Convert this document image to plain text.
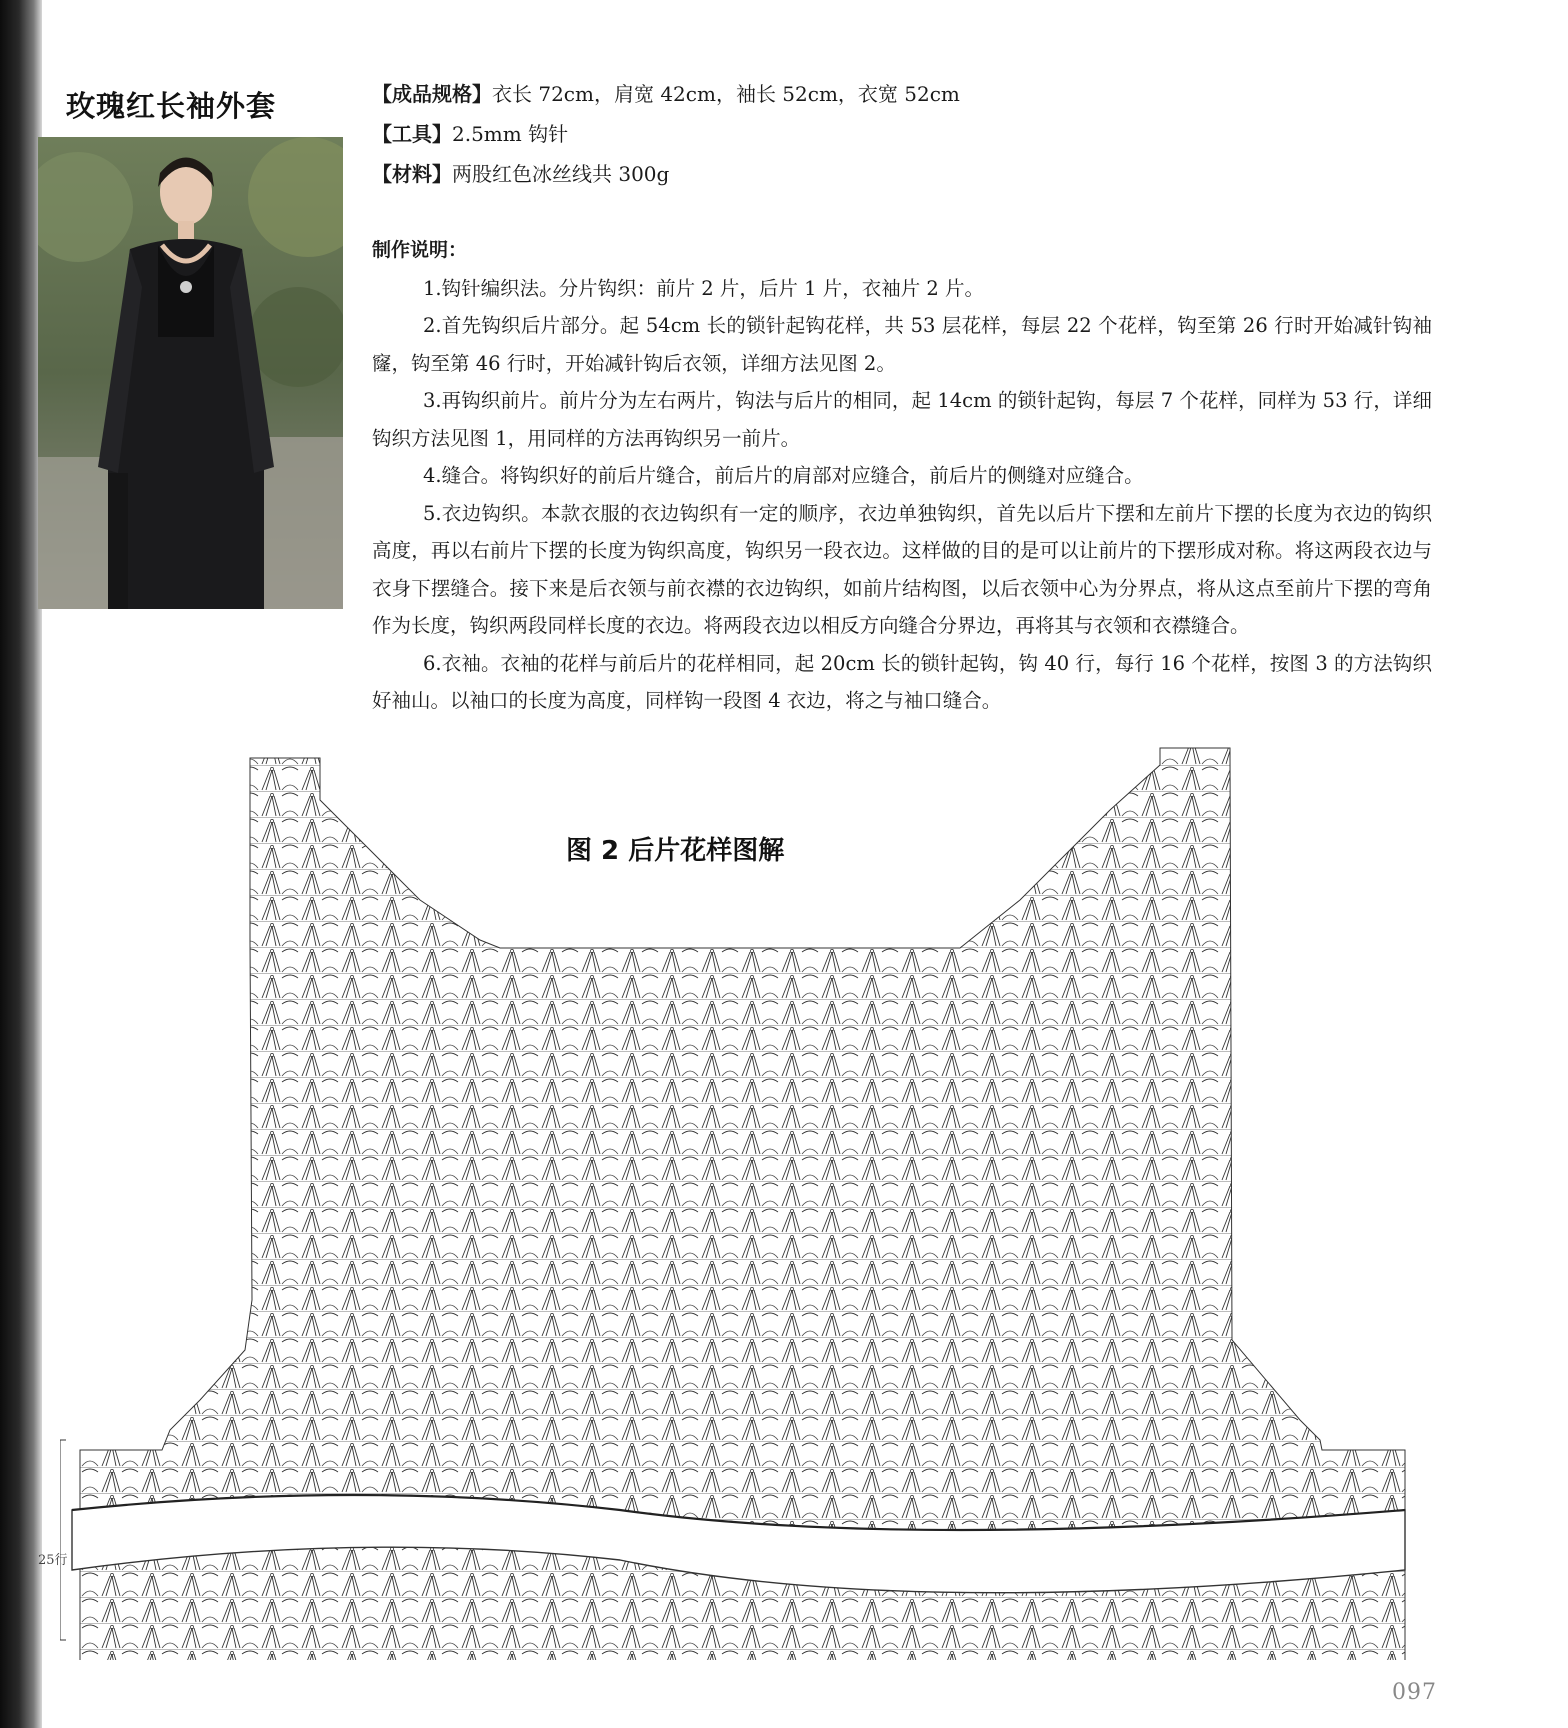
玫瑰红长袖外套	【成品规格】衣长 72cm，肩宽 42cm，袖长 52cm，衣宽 52cm
【工具】2.5mm 钩针
【材料】两股红色冰丝线共 300g
制作说明：

1.钩针编织法。分片钩织：前片 2 片，后片 1 片，衣袖片 2 片。

2.首先钩织后片部分。起 54cm 长的锁针起钩花样，共 53 层花样，每层 22 个花样，钩至第 26 行时开始减针钩袖窿，钩至第 46 行时，开始减针钩后衣领，详细方法见图 2。

3.再钩织前片。前片分为左右两片，钩法与后片的相同，起 14cm 的锁针起钩，每层 7 个花样，同样为 53 行，详细钩织方法见图 1，用同样的方法再钩织另一前片。

4.缝合。将钩织好的前后片缝合，前后片的肩部对应缝合，前后片的侧缝对应缝合。

5.衣边钩织。本款衣服的衣边钩织有一定的顺序，衣边单独钩织，首先以后片下摆和左前片下摆的长度为衣边的钩织高度，再以右前片下摆的长度为钩织高度，钩织另一段衣边。这样做的目的是可以让前片的下摆形成对称。将这两段衣边与衣身下摆缝合。接下来是后衣领与前衣襟的衣边钩织，如前片结构图，以后衣领中心为分界点，将从这点至前片下摆的弯角作为长度，钩织两段同样长度的衣边。将两段衣边以相反方向缝合分界边，再将其与衣领和衣襟缝合。

6.衣袖。衣袖的花样与前后片的花样相同，起 20cm 长的锁针起钩，钩 40 行，每行 16 个花样，按图 3 的方法钩织好袖山。以袖口的长度为高度，同样钩一段图 4 衣边，将之与袖口缝合。

图 2 后片花样图解
25行
097
